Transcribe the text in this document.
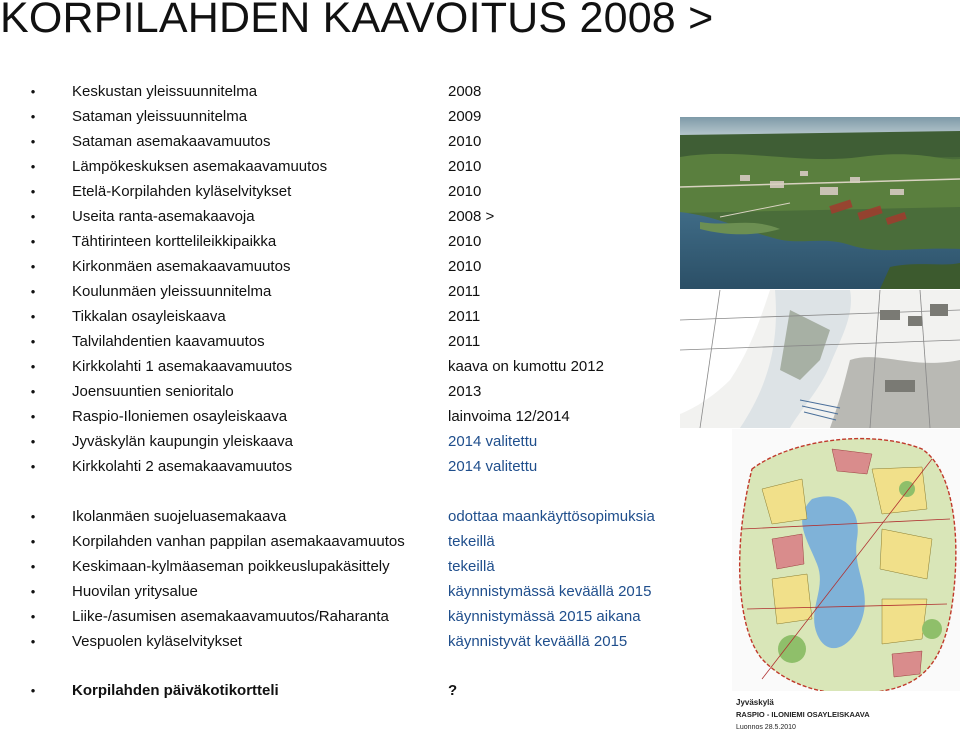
KORPILAHDEN KAAVOITUS 2008 >
•	Keskustan yleissuunnitelma	2008
•	Sataman yleissuunnitelma	2009
•	Sataman asemakaavamuutos	2010
•	Lämpökeskuksen asemakaavamuutos	2010
•	Etelä-Korpilahden kyläselvitykset	2010
•	Useita ranta-asemakaavoja	2008 >
•	Tähtirinteen korttelileikkipaikka	2010
•	Kirkonmäen asemakaavamuutos	2010
•	Koulunmäen yleissuunnitelma	2011
•	Tikkalan osayleiskaava	2011
•	Talvilahdentien kaavamuutos	2011
•	Kirkkolahti 1 asemakaavamuutos	kaava on kumottu 2012
•	Joensuuntien senioritalo	2013
•	Raspio-Iloniemen osayleiskaava	lainvoima 12/2014
•	Jyväskylän kaupungin yleiskaava	2014 valitettu
•	Kirkkolahti 2 asemakaavamuutos	2014 valitettu
•	Ikolanmäen suojeluasemakaava	odottaa maankäyttösopimuksia
•	Korpilahden vanhan pappilan asemakaavamuutos	tekeillä
•	Keskimaan-kylmäaseman poikkeuslupakäsittely	tekeillä
•	Huovilan yritysalue	käynnistymässä keväällä 2015
•	Liike-/asumisen asemakaavamuutos/Raharanta	käynnistymässä 2015 aikana
•	Vespuolen kyläselvitykset	käynnistyvät keväällä 2015
•	Korpilahden päiväkotikortteli	?
Jyväskylä
RASPIO - ILONIEMI OSAYLEISKAAVA
Luonnos 28.5.2010
